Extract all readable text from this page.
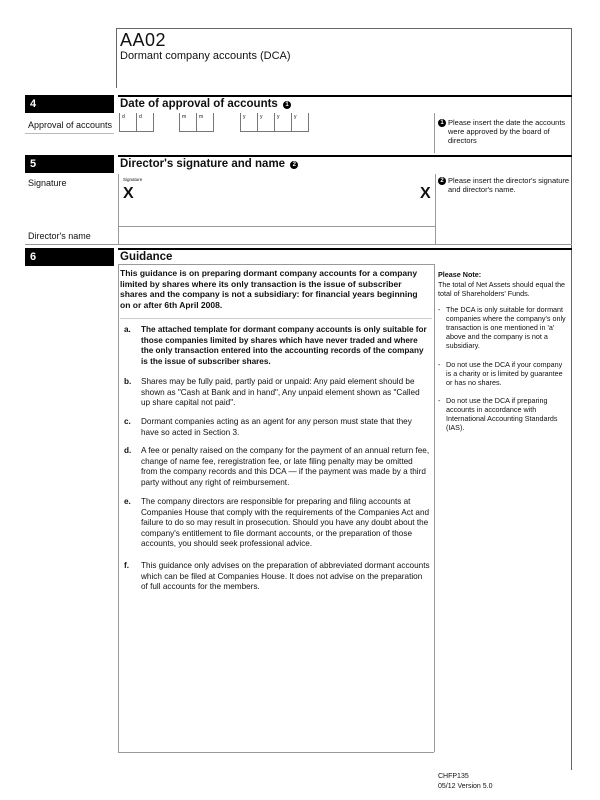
AA02
Dormant company accounts (DCA)
4	Date of approval of accounts 1
Approval of accounts
d	d	m	m	y	y	y	y
1 Please insert the date the accounts were approved by the board of directors
5	Director's signature and name 2
Signature	Signature
X	X
2 Please insert the director's signature and director's name.
Director's name
6	Guidance
This guidance is on preparing dormant company accounts for a company limited by shares where its only transaction is the issue of subscriber shares and the company is not a subsidiary: for financial years beginning on or after 6th April 2008.
a.	The attached template for dormant company accounts is only suitable for those companies limited by shares which have never traded and where the only transaction entered into the accounting records of the company is the issue of subscriber shares.
b.	Shares may be fully paid, partly paid or unpaid: Any paid element should be shown as "Cash at Bank and in hand", Any unpaid element shown as "Called up share capital not paid".
c.	Dormant companies acting as an agent for any person must state that they have so acted in Section 3.
d.	A fee or penalty raised on the company for the payment of an annual return fee, change of name fee, reregistration fee, or late filing penalty may be omitted from the company records and this DCA — if the payment was made by a third party without any right of reimbursement.
e.	The company directors are responsible for preparing and filing accounts at Companies House that comply with the requirements of the Companies Act and failure to do so may result in prosecution. Should you have any doubt about the company's entitlement to file dormant accounts, or the preparation of those accounts, you should seek professional advice.
f.	This guidance only advises on the preparation of abbreviated dormant accounts which can be filed at Companies House. It does not advise on the preparation of full accounts for the members.
Please Note:
The total of Net Assets should equal the total of Shareholders' Funds.
- The DCA is only suitable for dormant companies where the company's only transaction is one mentioned in 'a' above and the company is not a subsidiary.
- Do not use the DCA if your company is a charity or is limited by guarantee or has no shares.
- Do not use the DCA if preparing accounts in accordance with International Accounting Standards (IAS).
CHFP135
05/12 Version 5.0
